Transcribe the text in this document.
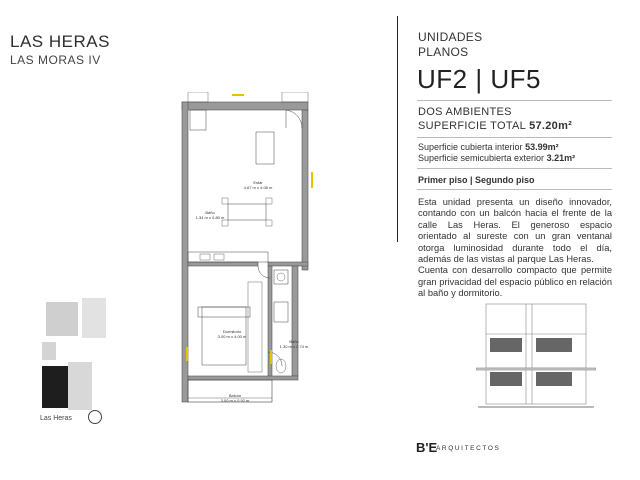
LAS HERAS
LAS MORAS IV
Estar
4.67 m x 4.08 m
Baño
1.34 m x 0.80 m
Dormitorio
3.00 m x 4.00 m
Baño
1.30 m x 2.74 m
Balcón
3.00 m x 0.92 m
Las Heras
UNIDADES
PLANOS
UF2 | UF5
DOS AMBIENTES
SUPERFICIE TOTAL 57.20m²
Superficie cubierta interior 53.99m²
Superficie semicubierta exterior 3.21m²
Primer piso | Segundo piso
Esta unidad presenta un diseño innovador, contando con un balcón hacia el frente de la calle Las Heras. El generoso espacio orientado al sureste con un gran ventanal otorga luminosidad durante todo el día, además de las vistas al parque Las Heras.
Cuenta con desarrollo compacto que permite gran privacidad del espacio público en relación al baño y dormitorio.
B'E
ARQUITECTOS
